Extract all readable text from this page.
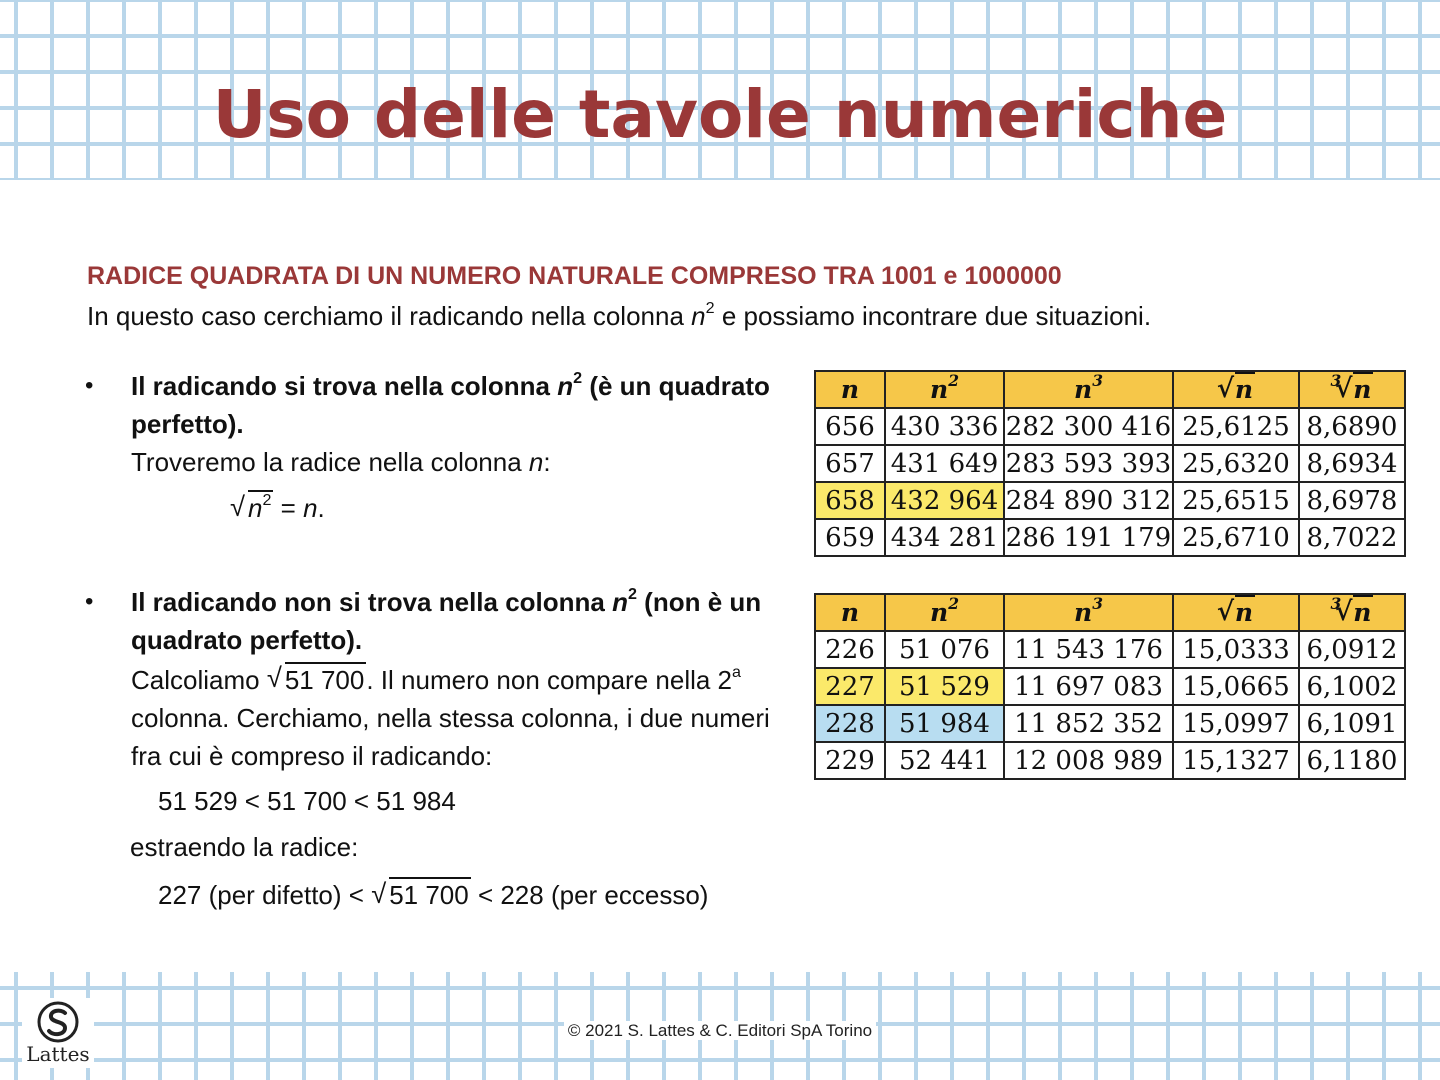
Uso delle tavole numeriche
RADICE QUADRATA DI UN NUMERO NATURALE COMPRESO TRA 1001 e 1000000
In questo caso cerchiamo il radicando nella colonna $n^2$ e possiamo incontrare due situazioni.
• Il radicando si trova nella colonna $n^2$ (è un quadrato perfetto).
Troveremo la radice nella colonna n:
√ $n^2 = n$.
• Il radicando non si trova nella colonna $n^2$ (non è un quadrato perfetto).
Calcoliamo √ 51 700. Il numero non compare nella 2$^a$ colonna. Cerchiamo, nella stessa colonna, i due numeri fra cui è compreso il radicando:
51 529 < 51 700 < 51 984
estraendo la radice:
227 (per difetto) < √ 51 700 < 228 (per eccesso)
n	$n^2$	$n^3$	√ n	$^3$ √ n
656	430 336	282 300 416	25,6125	8,6890
657	431 649	283 593 393	25,6320	8,6934
658	432 964	284 890 312	25,6515	8,6978
659	434 281	286 191 179	25,6710	8,7022
n	$n^2$	$n^3$	√ n	$^3$ √ n
226	51 076	11 543 176	15,0333	6,0912
227	51 529	11 697 083	15,0665	6,1002
228	51 984	11 852 352	15,0997	6,1091
229	52 441	12 008 989	15,1327	6,1180
Lattes
© 2021 S. Lattes & C. Editori SpA Torino
